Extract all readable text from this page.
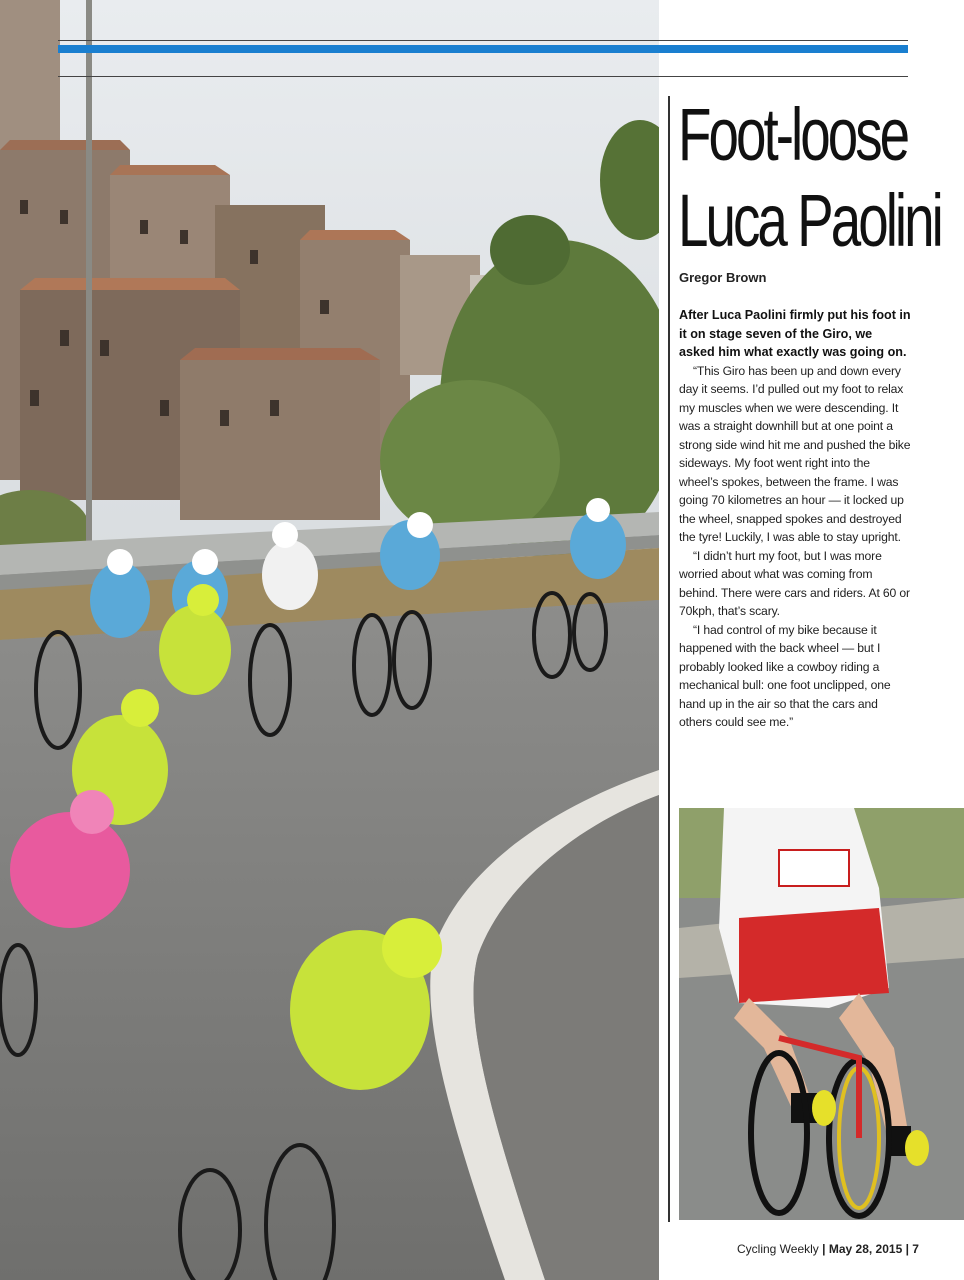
Foot-loose
Luca Paolini
Gregor Brown

After Luca Paolini firmly put his foot in it on stage seven of the Giro, we asked him what exactly was going on.

“This Giro has been up and down every day it seems. I’d pulled out my foot to relax my muscles when we were descending. It was a straight downhill but at one point a strong side wind hit me and pushed the bike sideways. My foot went right into the wheel’s spokes, between the frame. I was going 70 kilometres an hour — it locked up the wheel, snapped spokes and destroyed the tyre! Luckily, I was able to stay upright.

“I didn’t hurt my foot, but I was more worried about what was coming from behind. There were cars and riders. At 60 or 70kph, that’s scary.

“I had control of my bike because it happened with the back wheel — but I probably looked like a cowboy riding a mechanical bull: one foot unclipped, one hand up in the air so that the cars and others could see me.”

Cycling Weekly | May 28, 2015 | 7
